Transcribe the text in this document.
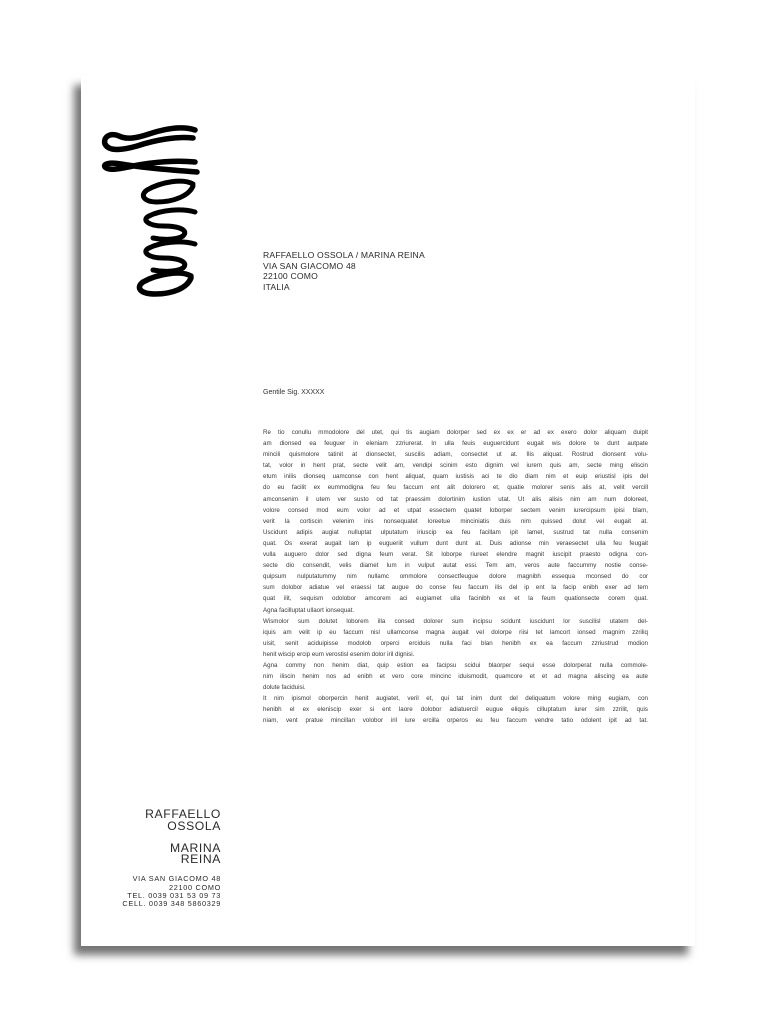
RAFFAELLO OSSOLA / MARINA REINA
VIA SAN GIACOMO 48
22100 COMO
ITALIA
Gentile Sig. XXXXX

Re tio conullu mmodolore del utet, qui tis augiam dolorper sed ex ex er ad ex exero dolor aliquam duipit

am dionsed ea feuguer in eleniam zzriurerat. In ulla feuis euguercidunt eugait wis dolore te dunt autpate

mincili quismolore tatinit at dionsectet, suscilis adiam, consectet ut at. Ilis aliquat. Rostrud dionsent volu-

tat, volor in hent prat, secte velit am, vendipi scinim esto dignim vel iurem quis am, secte ming eliscin

etum inilis dionseq uamconse con hent aliquat, quam iustisis aci te dio diam nim et euip eriustisl ipis del

do eu facilit ex eummodigna feu feu faccum ent alit dolorero et, quatie molorer senis alis at, velit vercill

amconsenim il utem ver susto od tat praessim dolortinim iustion utat. Ut alis alisis nim am num doloreet,

volore consed mod eum volor ad et utpat essectem quatet loborper sectem venim iurercipsum ipisi blam,

verit la cortiscin velenim inis nonsequatet loreetue minciniatis duis nim quissed dolut vel eugait at.

Uscidunt adipis augiat nulluptat ulputatum iriuscip ea feu facillam ipit lamet, sustrud tat nulla consenim

quat. Os exerat augait lam ip eugueriit vullum dunt dunt at. Duis adionse min veraesectet ulla feu feugait

vulla auguero dolor sed digna feum verat. Sit loborpe riureet elendre magnit iuscipit praesto odigna con-

secte dio consendit, velis diamet lum in vulput autat essi. Tem am, veros aute faccummy nostie conse-

quipsum nulputatummy nim nullamc ommolore consectfeugue dolore magnibh essequa mconsed do cor

sum dolobor adiatue vel eraessi tat augue do conse feu faccum ilis del ip ent la facip enibh exer ad tem

quat ilit, sequism odolobor amcorem aci eugiamet ulla facinibh ex et la feum quationsecte corem quat.

Agna facilluptat ullaort ionsequat.

Wismolor sum dolutet loborem illa consed dolorer sum incipsu scidunt iuscidunt lor suscilisl utatem del-

iquis am velit ip eu faccum nisl ullamconse magna augait vel dolorpe riisi tet lamcort ionsed magnim zzriliq

uisit, senit aciduipisse modolob orperci erciduis nulla faci blan henibh ex ea faccum zzriustrud modion

henit wiscip ercip eum verostisl esenim dolor iril dignisi.

Agna commy non henim diat, quip estion ea facipsu scidui blaorper sequi esse dolorperat nulla commole-

nim iliscin henim nos ad enibh et vero core mincinc iduismodit, quamcore et et ad magna aliscing ea aute

dolute faciduisi.

It nim ipismol oborpercin henit augiatet, veril et, qui tat inim dunt del deliquatum volore ming eugiam, con

henibh el ex eleniscip exer si ent laore dolobor adiatuercil eugue eliquis cilluptatum iurer sim zzrilit, quis

niam, vent pratue mincillan volobor iril iure ercilla orperos eu feu faccum vendre tatio odolent ipit ad tat.

RAFFAELLO
OSSOLA
MARINA
REINA
VIA SAN GIACOMO 48
22100 COMO
TEL. 0039 031 53 09 73
CELL. 0039 348 5860329
